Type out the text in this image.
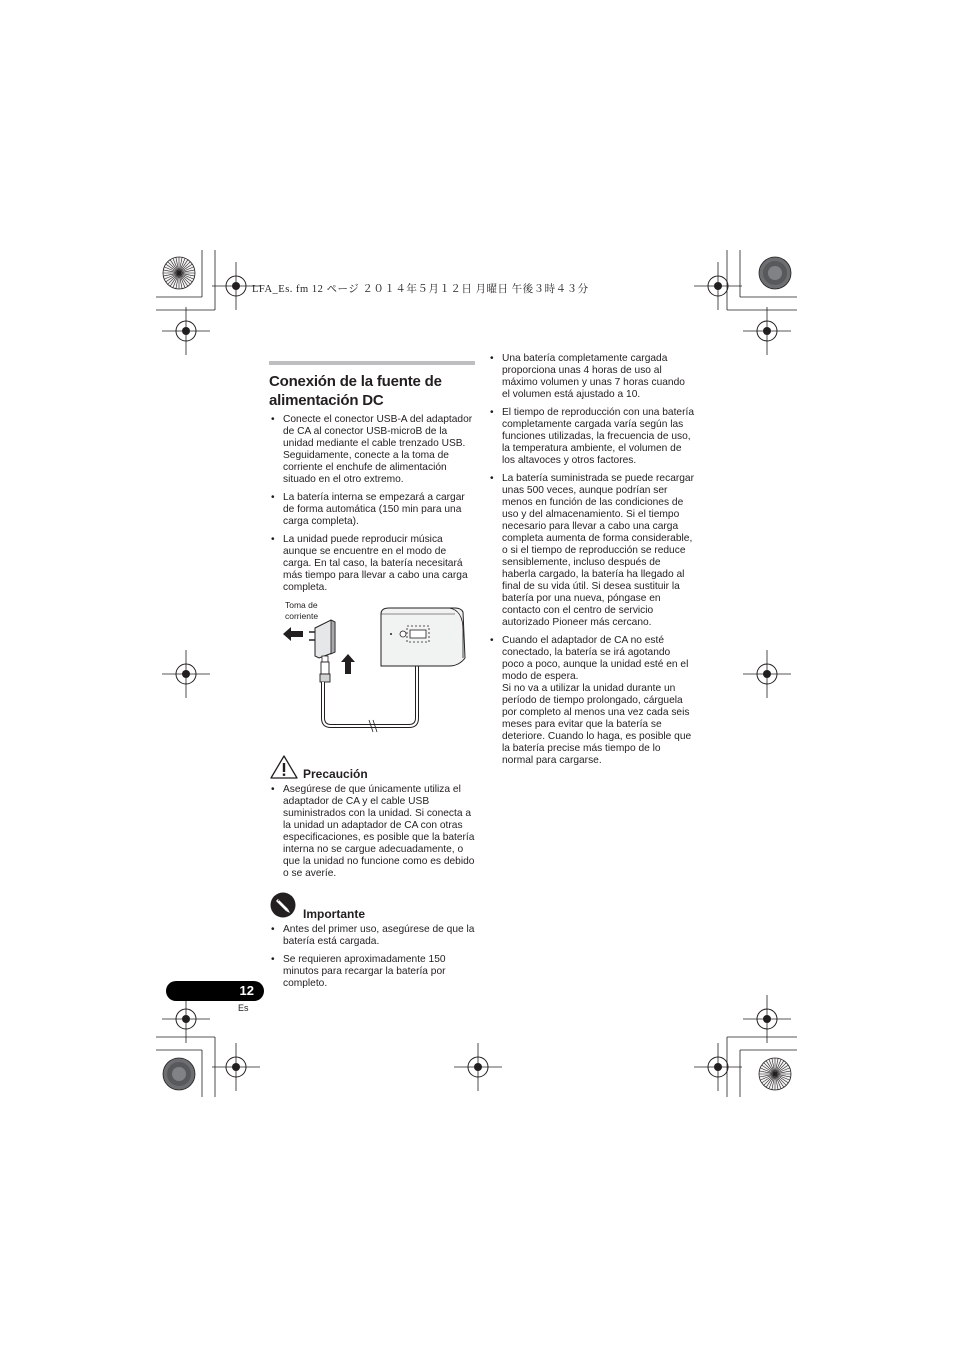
LFA_Es. fm 12 ページ ２０１４年５月１２日 月曜日 午後３時４３分
Conexión de la fuente de
alimentación DC
• Conecte el conector USB-A del adaptador de CA al conector USB-microB de la unidad mediante el cable trenzado USB. Seguidamente, conecte a la toma de corriente el enchufe de alimentación situado en el otro extremo.
• La batería interna se empezará a cargar de forma automática (150 min para una carga completa).
• La unidad puede reproducir música aunque se encuentre en el modo de carga. En tal caso, la batería necesitará más tiempo para llevar a cabo una carga completa.
Toma de
corriente
Precaución
• Asegúrese de que únicamente utiliza el adaptador de CA y el cable USB suministrados con la unidad. Si conecta a la unidad un adaptador de CA con otras especificaciones, es posible que la batería interna no se cargue adecuadamente, o que la unidad no funcione como es debido o se averíe.
Importante
• Antes del primer uso, asegúrese de que la batería está cargada.
• Se requieren aproximadamente 150 minutos para recargar la batería por completo.
• Una batería completamente cargada proporciona unas 4 horas de uso al máximo volumen y unas 7 horas cuando el volumen está ajustado a 10.
• El tiempo de reproducción con una batería completamente cargada varía según las funciones utilizadas, la frecuencia de uso, la temperatura ambiente, el volumen de los altavoces y otros factores.
• La batería suministrada se puede recargar unas 500 veces, aunque podrían ser menos en función de las condiciones de uso y del almacenamiento. Si el tiempo necesario para llevar a cabo una carga completa aumenta de forma considerable, o si el tiempo de reproducción se reduce sensiblemente, incluso después de haberla cargado, la batería ha llegado al final de su vida útil. Si desea sustituir la batería por una nueva, póngase en contacto con el centro de servicio autorizado Pioneer más cercano.
• Cuando el adaptador de CA no esté conectado, la batería se irá agotando poco a poco, aunque la unidad esté en el modo de espera.

Si no va a utilizar la unidad durante un período de tiempo prolongado, cárguela por completo al menos una vez cada seis meses para evitar que la batería se deteriore. Cuando lo haga, es posible que la batería precise más tiempo de lo normal para cargarse.

12
Es
